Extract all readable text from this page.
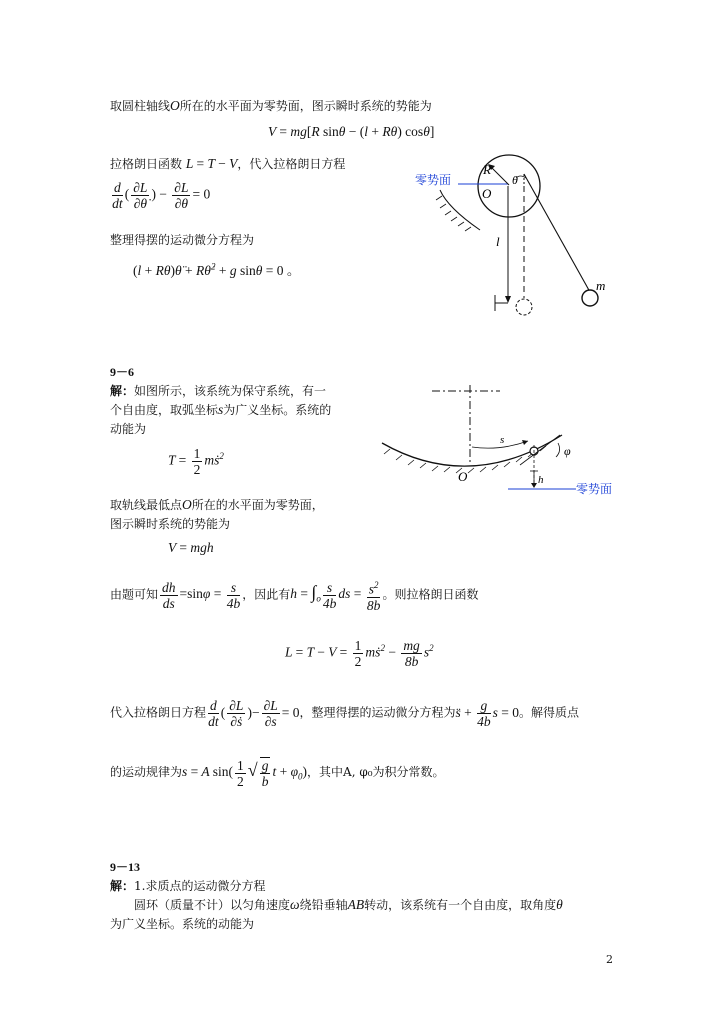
取圆柱轴线O所在的水平面为零势面，图示瞬时系统的势能为
V = mg[R sinθ − (l + Rθ) cosθ]
拉格朗日函数 L = T − V，代入拉格朗日方程
$\frac{d}{dt}$ ( $\frac{\partial L}{\partial\thetȧ}$ ) − $\frac{\partial L}{\partial\theta} = 0$
整理得摆的运动微分方程为
(l + Rθ)θ̈ + Rθ̇$^2$ + g sinθ = 0 。
零势面
R
O
θ
l
m
9－6
解：如图所示，该系统为保守系统，有一
个自由度，取弧坐标s为广义坐标。系统的
动能为
$T = \frac{1}{2}$ mṡ$^2$
取轨线最低点O所在的水平面为零势面，
图示瞬时系统的势能为
V = mgh
由题可知 $\frac{dh}{ds} =\sin\varphi = \frac{s}{4b}$ ，因此有$h = \int_o \frac{s}{4b}$ ds = $\frac{s^2}{8b}$ 。则拉格朗日函数
$L = T - V = \frac{1}{2}$ mṡ$^2$ − $\frac{mg}{8b} s^2$
代入拉格朗日方程 $\frac{d}{dt}$ ( $\frac{\partial L}{\text{∂ṡ}}$ )− $\frac{\partial L}{\partial s} = 0$，整理得摆的运动微分方程为s̈ + $\frac{g}{4b}$ s = 0。解得质点
的运动规律为s = A $\sin( \frac{1}{2}$ √ $\frac{g}{b}$ $t + \varphi_0$)，其中A, φ₀为积分常数。
零势面
s
O
φ
h
9－13
解：1.求质点的运动微分方程
圆环（质量不计）以匀角速度ω绕铅垂轴AB转动，该系统有一个自由度，取角度θ
为广义坐标。系统的动能为
2
